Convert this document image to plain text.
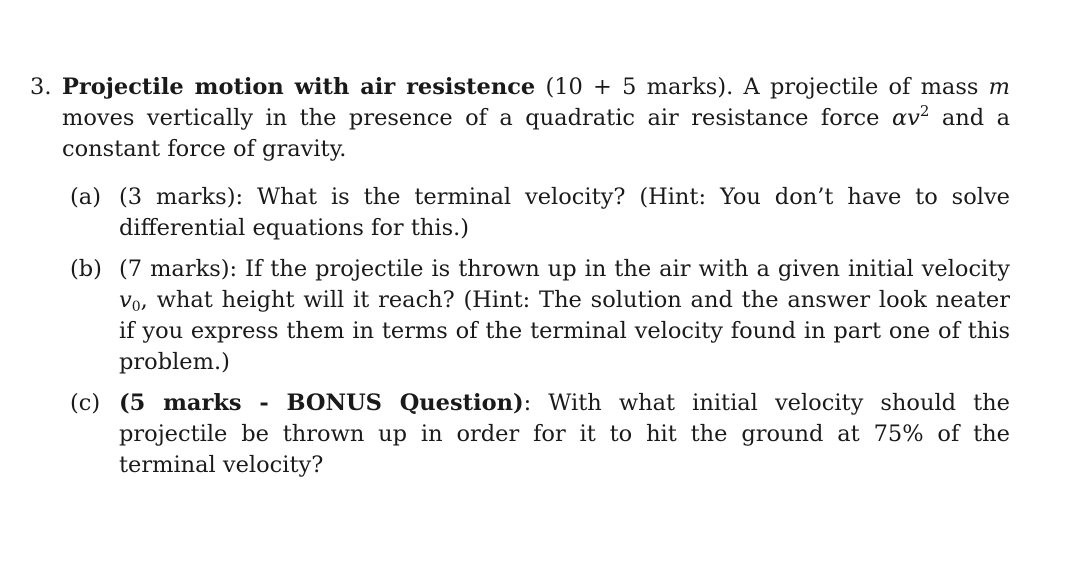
3. Projectile motion with air resistence (10 + 5 marks). A projectile of mass m moves vertically in the presence of a quadratic air resistance force $\alpha v^2$ and a constant force of gravity.
(a) (3 marks): What is the terminal velocity? (Hint: You don’t have to solve differential equations for this.)
(b) (7 marks): If the projectile is thrown up in the air with a given initial velocity $v_0$, what height will it reach? (Hint: The solution and the answer look neater if you express them in terms of the terminal velocity found in part one of this problem.)
(c) (5 marks - BONUS Question): With what initial velocity should the projectile be thrown up in order for it to hit the ground at 75% of the terminal velocity?
